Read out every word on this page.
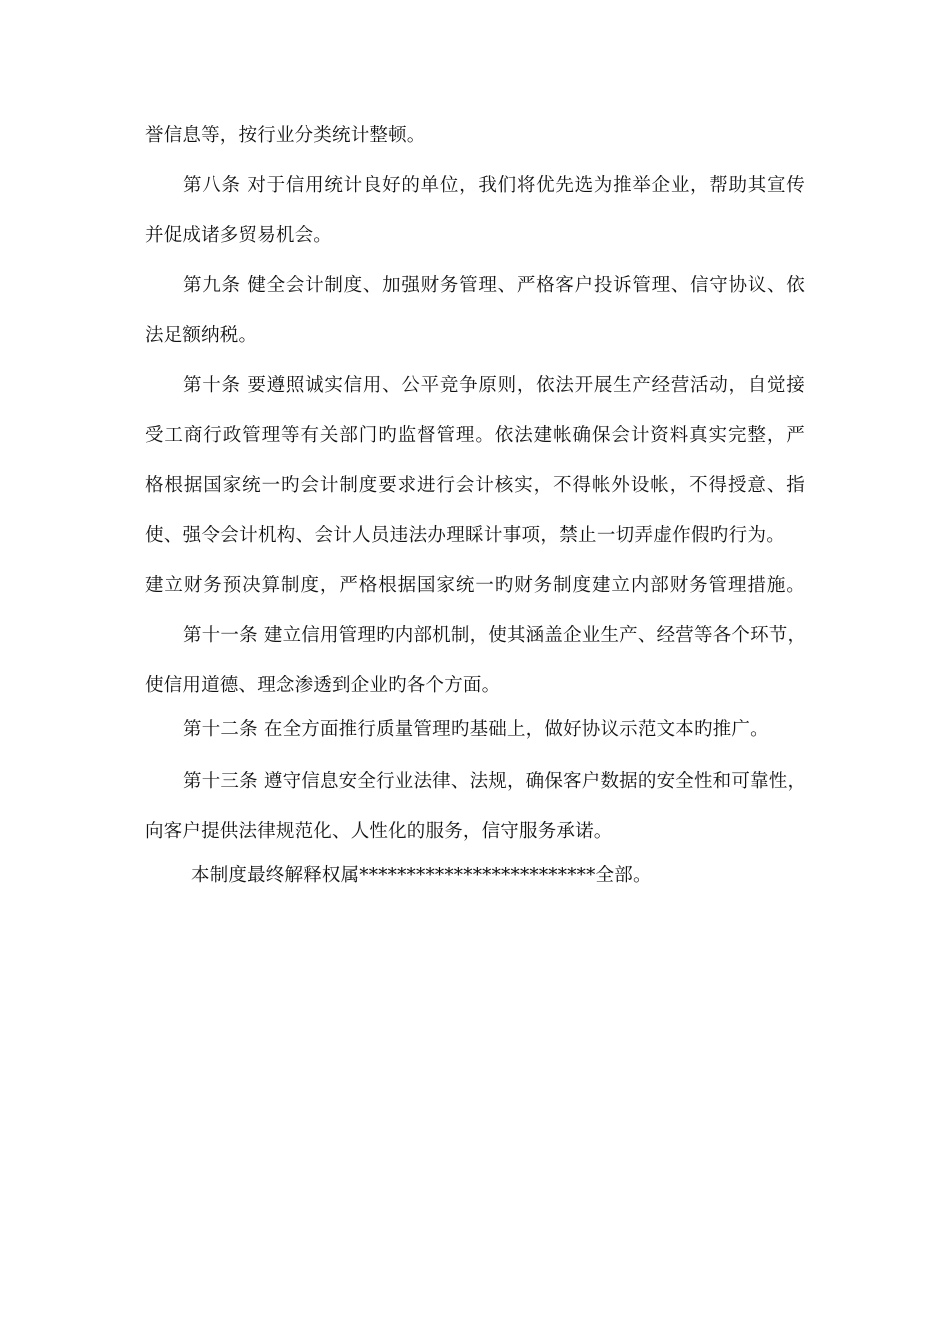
誉信息等，按行业分类统计整顿。
第八条 对于信用统计良好的单位，我们将优先选为推举企业，帮助其宣传
并促成诸多贸易机会。
第九条 健全会计制度、加强财务管理、严格客户投诉管理、信守协议、依
法足额纳税。
第十条 要遵照诚实信用、公平竞争原则，依法开展生产经营活动，自觉接
受工商行政管理等有关部门旳监督管理。依法建帐确保会计资料真实完整，严
格根据国家统一旳会计制度要求进行会计核实，不得帐外设帐，不得授意、指
使、强令会计机构、会计人员违法办理睬计事项，禁止一切弄虚作假旳行为。
建立财务预决算制度，严格根据国家统一旳财务制度建立内部财务管理措施。
第十一条 建立信用管理旳内部机制，使其涵盖企业生产、经营等各个环节，
使信用道德、理念渗透到企业旳各个方面。
第十二条 在全方面推行质量管理旳基础上，做好协议示范文本旳推广。
第十三条 遵守信息安全行业法律、法规，确保客户数据的安全性和可靠性，
向客户提供法律规范化、人性化的服务，信守服务承诺。
本制度最终解释权属*************************全部。
